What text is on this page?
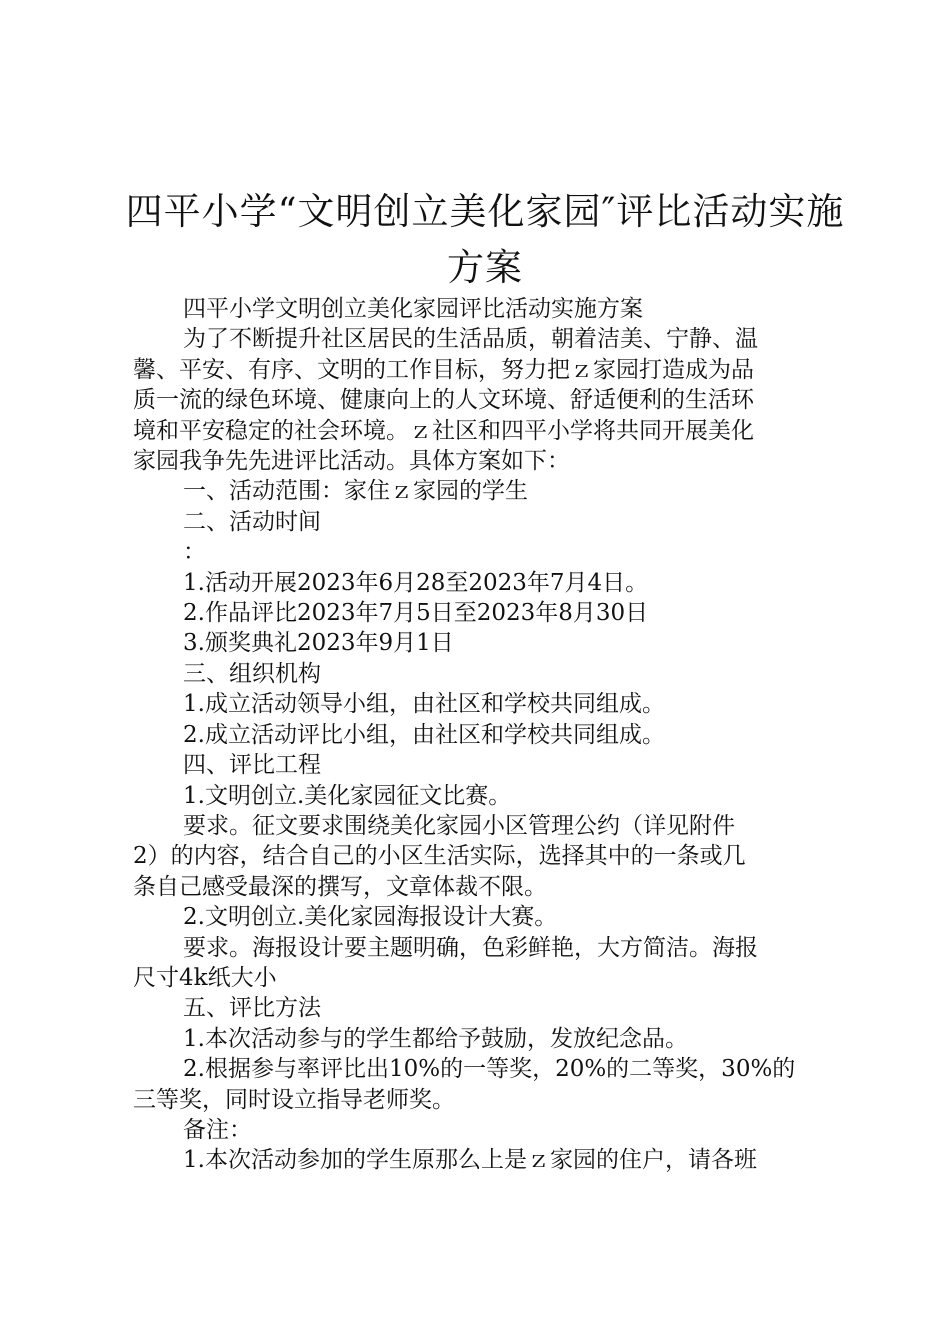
四平小学“文明创立美化家园″评比活动实施
方案

四平小学文明创立美化家园评比活动实施方案

为了不断提升社区居民的生活品质，朝着洁美、宁静、温

馨、平安、有序、文明的工作目标，努力把ｚ家园打造成为品

质一流的绿色环境、健康向上的人文环境、舒适便利的生活环

境和平安稳定的社会环境。ｚ社区和四平小学将共同开展美化

家园我争先先进评比活动。具体方案如下：

一、活动范围：家住ｚ家园的学生

二、活动时间

：

1.活动开展2023年6月28至2023年7月4日。

2.作品评比2023年7月5日至2023年8月30日

3.颁奖典礼2023年9月1日

三、组织机构

1.成立活动领导小组，由社区和学校共同组成。

2.成立活动评比小组，由社区和学校共同组成。

四、评比工程

1.文明创立.美化家园征文比赛。

要求。征文要求围绕美化家园小区管理公约（详见附件

2）的内容，结合自己的小区生活实际，选择其中的一条或几

条自己感受最深的撰写，文章体裁不限。

2.文明创立.美化家园海报设计大赛。

要求。海报设计要主题明确，色彩鲜艳，大方简洁。海报

尺寸4k纸大小

五、评比方法

1.本次活动参与的学生都给予鼓励，发放纪念品。

2.根据参与率评比出10%的一等奖，20%的二等奖，30%的

三等奖，同时设立指导老师奖。

备注：

1.本次活动参加的学生原那么上是ｚ家园的住户，请各班
